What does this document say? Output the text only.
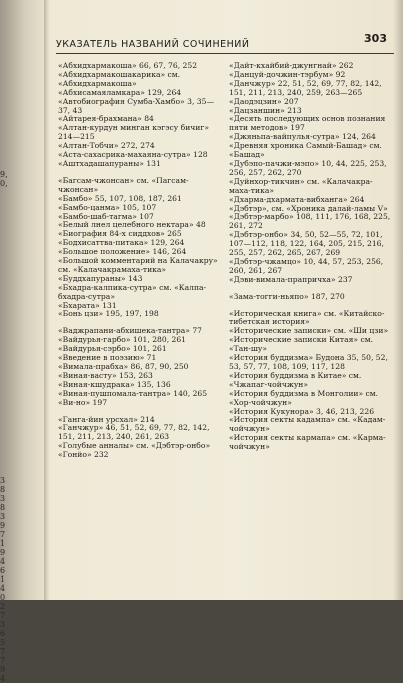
9,
0,

3
8
3
8
3
9
7
1
9
4
6
1
4
0
2
7
3
6
5
7
7
9
4
303
УКАЗАТЕЛЬ НАЗВАНИЙ СОЧИНЕНИЙ

«Абхидхармакоша» 66, 67, 76, 252

«Абхидхармакошакарика» см. «Абхидхармакоша»

«Абхисамаяламкара» 129, 264

«Автобиография Сумба-Хамбо» 3, 35—37, 43

«Айтарея-брахмана» 84

«Алтан-курдун минган кэгэсу бичиг» 214—215

«Алтан-Тобчи» 272, 274

«Аста-сахасрика-махаяна-сутра» 128

«Аштхадашапураны» 131

«Багсам-чжонсан» см. «Пагсам-чжонсан»

«Бамбо» 55, 107, 108, 187, 261

«Бамбо-цанма» 105, 107

«Бамбо-шаб-тагма» 107

«Белый лнел целебного нектара» 48

«Биография 84-х сиддхов» 265

«Бодхисаттва-питака» 129, 264

«Большое положение» 146, 264

«Большой комментарий на Калачакру» см. «Калачакрамаха-тика»

«Буддхапураны» 143

«Бхадра-калпика-сутра» см. «Калпа-бхадра-сутра»

«Бхарата» 131

«Бонь цзи» 195, 197, 198

«Ваджрапани-абхишека-тантра» 77

«Вайдурья-гарбо» 101, 280, 261

«Вайдурья-сэрбо» 101, 261

«Введение в поэзию» 71

«Вимала-прабха» 86, 87, 90, 250

«Виная-васту» 153, 263

«Виная-кшудрака» 135, 136

«Виная-пушпомала-тантра» 140, 265

«Ви-но» 197

«Ганга-йин урсхал» 214

«Ганчжур» 46, 51, 52, 69, 77, 82, 142, 151, 211, 213, 240, 261, 263

«Голубые анналы» см. «Дэбтэр-онбо»

«Гонйо» 232

«Дайт-кхайбий-джунгнай» 262

«Данцуй-дочжин-тэрбум» 92

«Данчжур» 22, 51, 52, 69, 77, 82, 142, 151, 211, 213, 240, 259, 263—265

«Даодэцзин» 207

«Дацзаншин» 213

«Десять последующих основ познания пяти методов» 197

«Джяньпа-вайпулья-сутра» 124, 264

«Древняя хроника Самый-Башад» см. «Башад»

«Дубэпо-пачжи-мэпо» 10, 44, 225, 253, 256, 257, 262, 270

«Дуйнхор-тикчин» см. «Калачакра-маха-тика»

«Дхарма-дхармата-вибханга» 264

«Дэбтэр», см. «Хроника далай-ламы V»

«Дэбтэр-марбо» 108, 111, 176, 168, 225, 261, 272

«Дэбтэр-онбо» 34, 50, 52—55, 72, 101, 107—112, 118, 122, 164, 205, 215, 216, 255, 257, 262, 265, 267, 269

«Дэбтэр-чжамцо» 10, 44, 57, 253, 256, 260, 261, 267

«Дэви-вимала-прапричха» 237

«Зама-тогги-ньяпо» 187, 270

«Историческая книга» см. «Китайско-тибетская история»

«Исторические записки» см. «Ши цзи»

«Исторические записки Китая» см. «Тан-шу»

«История буддизма» Будона 35, 50, 52, 53, 57, 77, 108, 109, 117, 128

«История буддизма в Китае» см. «Чжапаг-чойчжун»

«История буддизма в Монголии» см. «Хор-чойчжун»

«История Кукунора» 3, 46, 213, 226

«История секты кадампа» см. «Кадам-чойчжун»

«История секты кармапа» см. «Карма-чойчжун»
